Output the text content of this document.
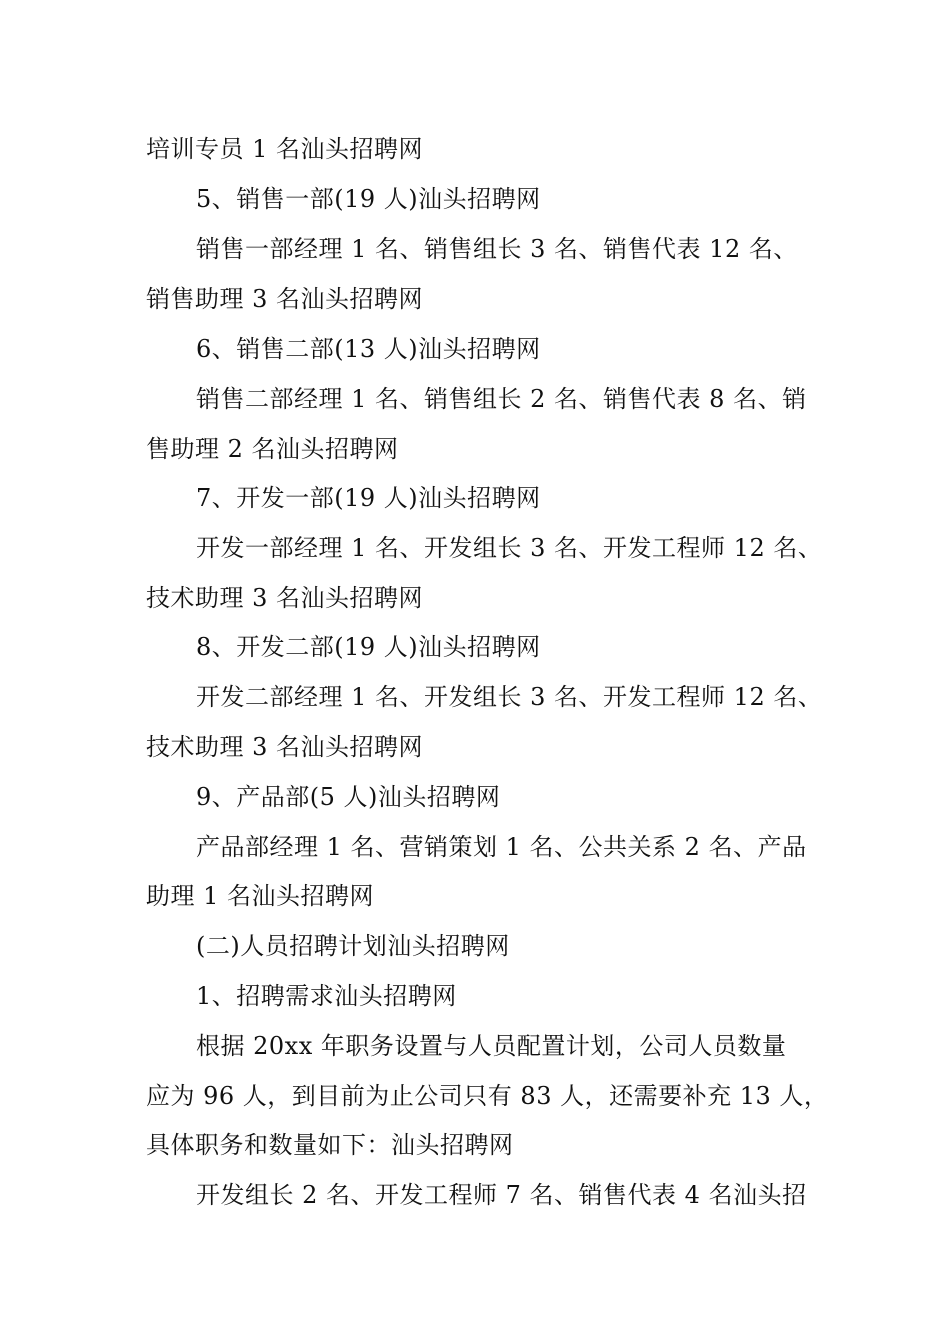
培训专员 1 名汕头招聘网
5、销售一部(19 人)汕头招聘网
销售一部经理 1 名、销售组长 3 名、销售代表 12 名、
销售助理 3 名汕头招聘网
6、销售二部(13 人)汕头招聘网
销售二部经理 1 名、销售组长 2 名、销售代表 8 名、销
售助理 2 名汕头招聘网
7、开发一部(19 人)汕头招聘网
开发一部经理 1 名、开发组长 3 名、开发工程师 12 名、
技术助理 3 名汕头招聘网
8、开发二部(19 人)汕头招聘网
开发二部经理 1 名、开发组长 3 名、开发工程师 12 名、
技术助理 3 名汕头招聘网
9、产品部(5 人)汕头招聘网
产品部经理 1 名、营销策划 1 名、公共关系 2 名、产品
助理 1 名汕头招聘网
(二)人员招聘计划汕头招聘网
1、招聘需求汕头招聘网
根据 20xx 年职务设置与人员配置计划，公司人员数量
应为 96 人，到目前为止公司只有 83 人，还需要补充 13 人，
具体职务和数量如下：汕头招聘网
开发组长 2 名、开发工程师 7 名、销售代表 4 名汕头招
